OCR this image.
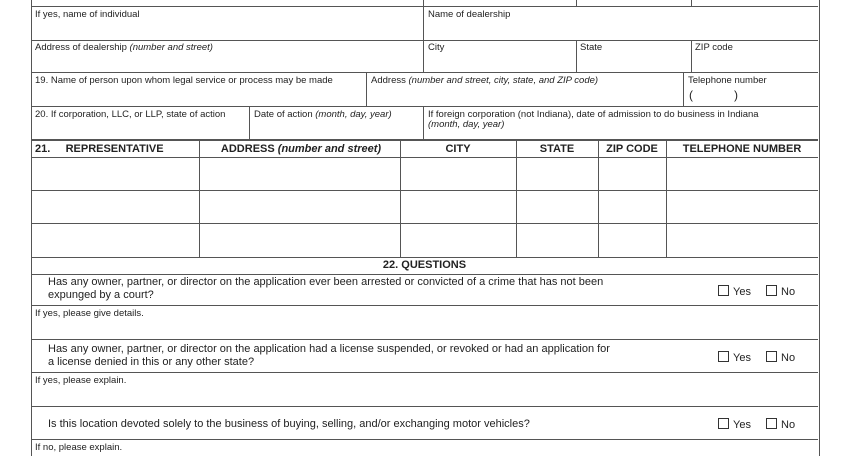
If yes, name of individual	Name of dealership
Address of dealership (number and street)	City	State	ZIP code
19. Name of person upon whom legal service or process may be made	Address (number and street, city, state, and ZIP code)	Telephone number
(	)
20. If corporation, LLC, or LLP, state of action	Date of action (month, day, year)	If foreign corporation (not Indiana), date of admission to do business in Indiana
(month, day, year)
21.     REPRESENTATIVE	ADDRESS (number and street)	CITY	STATE	ZIP CODE	TELEPHONE NUMBER
22. QUESTIONS
Has any owner, partner, or director on the application ever been arrested or convicted of a crime that has not been expunged by a court?	Yes	No
If yes, please give details.
Has any owner, partner, or director on the application had a license suspended, or revoked or had an application for a license denied in this or any other state?	Yes	No
If yes, please explain.
Is this location devoted solely to the business of buying, selling, and/or exchanging motor vehicles?	Yes	No
If no, please explain.
